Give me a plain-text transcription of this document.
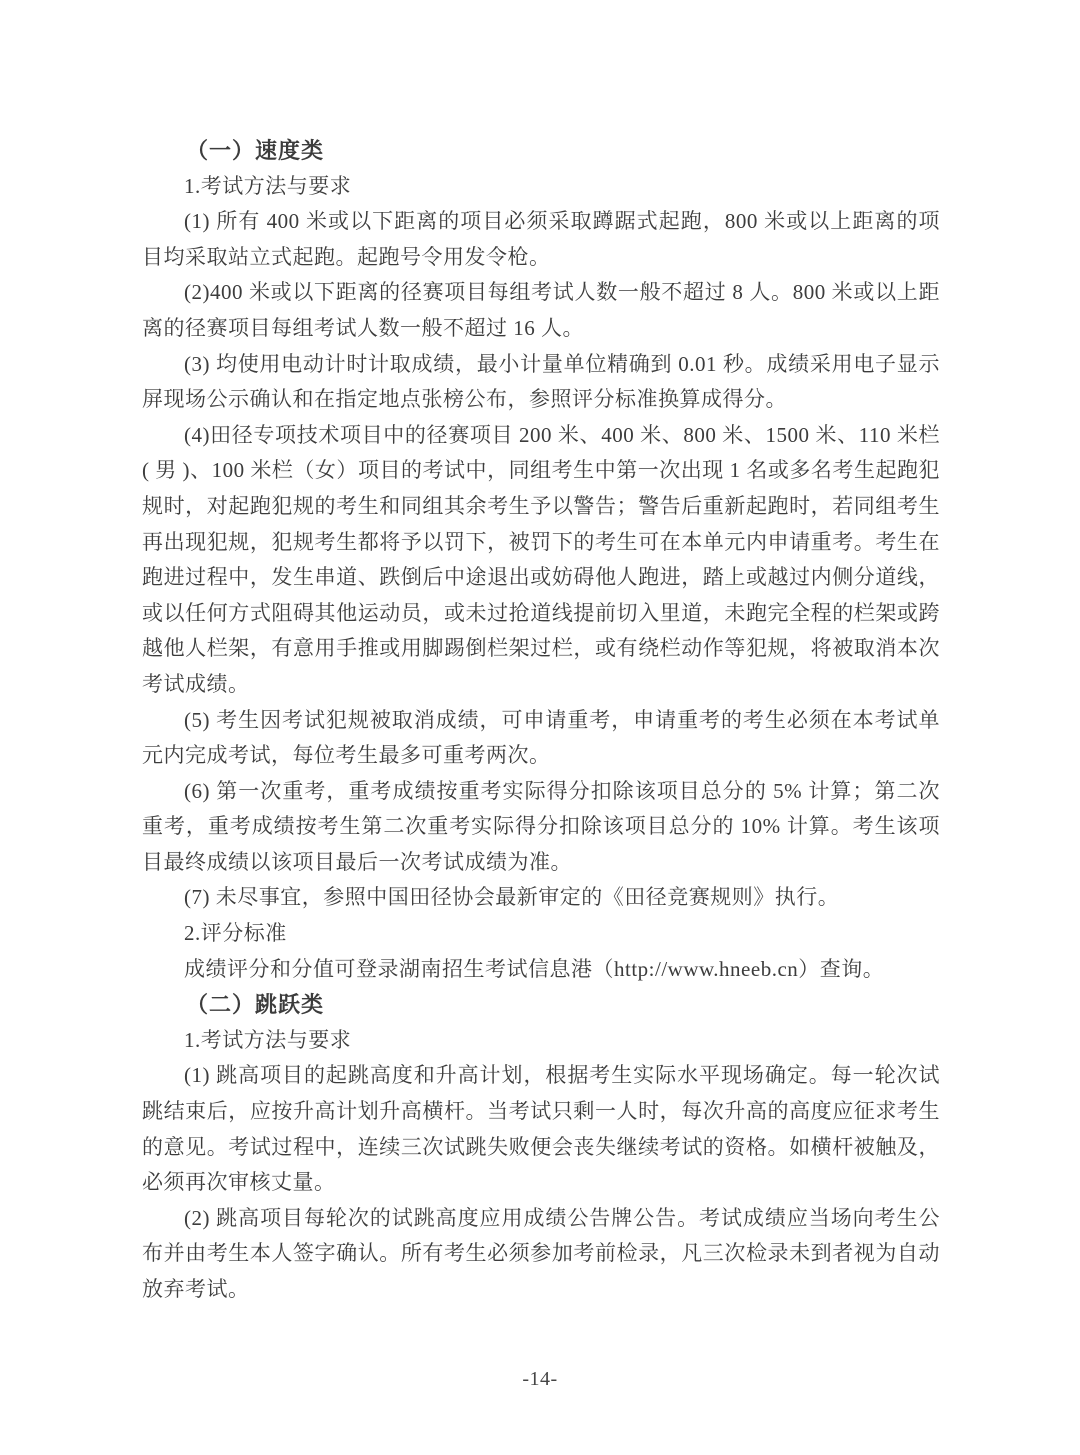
（一）速度类

1.考试方法与要求

(1) 所有 400 米或以下距离的项目必须采取蹲踞式起跑，800 米或以上距离的项目均采取站立式起跑。起跑号令用发令枪。

(2)400 米或以下距离的径赛项目每组考试人数一般不超过 8 人。800 米或以上距离的径赛项目每组考试人数一般不超过 16 人。

(3) 均使用电动计时计取成绩，最小计量单位精确到 0.01 秒。成绩采用电子显示屏现场公示确认和在指定地点张榜公布，参照评分标准换算成得分。

(4)田径专项技术项目中的径赛项目 200 米、400 米、800 米、1500 米、110 米栏( 男 )、100 米栏（女）项目的考试中，同组考生中第一次出现 1 名或多名考生起跑犯规时，对起跑犯规的考生和同组其余考生予以警告；警告后重新起跑时，若同组考生再出现犯规，犯规考生都将予以罚下，被罚下的考生可在本单元内申请重考。考生在跑进过程中，发生串道、跌倒后中途退出或妨碍他人跑进，踏上或越过内侧分道线，或以任何方式阻碍其他运动员，或未过抢道线提前切入里道，未跑完全程的栏架或跨越他人栏架，有意用手推或用脚踢倒栏架过栏，或有绕栏动作等犯规，将被取消本次考试成绩。

(5) 考生因考试犯规被取消成绩，可申请重考，申请重考的考生必须在本考试单元内完成考试，每位考生最多可重考两次。

(6) 第一次重考，重考成绩按重考实际得分扣除该项目总分的 5% 计算；第二次重考，重考成绩按考生第二次重考实际得分扣除该项目总分的 10% 计算。考生该项目最终成绩以该项目最后一次考试成绩为准。

(7) 未尽事宜，参照中国田径协会最新审定的《田径竞赛规则》执行。

2.评分标准

成绩评分和分值可登录湖南招生考试信息港（http://www.hneeb.cn）查询。

（二）跳跃类

1.考试方法与要求

(1) 跳高项目的起跳高度和升高计划，根据考生实际水平现场确定。每一轮次试跳结束后，应按升高计划升高横杆。当考试只剩一人时，每次升高的高度应征求考生的意见。考试过程中，连续三次试跳失败便会丧失继续考试的资格。如横杆被触及，必须再次审核丈量。

(2) 跳高项目每轮次的试跳高度应用成绩公告牌公告。考试成绩应当场向考生公布并由考生本人签字确认。所有考生必须参加考前检录，凡三次检录未到者视为自动放弃考试。

-14-
